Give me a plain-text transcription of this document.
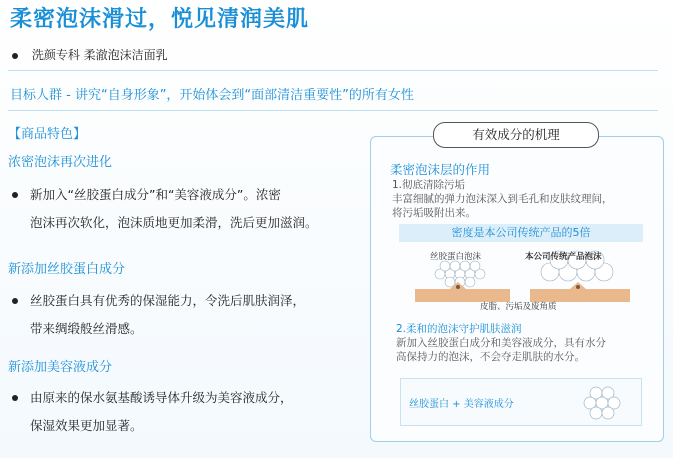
柔密泡沫滑过，悦见清润美肌
洗颜专科 柔澈泡沫洁面乳
目标人群 - 讲究“自身形象”，开始体会到“面部清洁重要性”的所有女性
【商品特色】
浓密泡沫再次进化
新加入“丝胶蛋白成分”和“美容液成分”。浓密
泡沫再次软化，泡沫质地更加柔滑，洗后更加滋润。
新添加丝胶蛋白成分
丝胶蛋白具有优秀的保湿能力，令洗后肌肤润泽，
带来绸缎般丝滑感。
新添加美容液成分
由原来的保水氨基酸诱导体升级为美容液成分，
保湿效果更加显著。
有效成分的机理
柔密泡沫层的作用
1.彻底清除污垢
丰富细腻的弹力泡沫深入到毛孔和皮肤纹理间，
将污垢吸附出来。
密度是本公司传统产品的5倍
丝胶蛋白泡沫	本公司传统产品泡沫
皮脂、污垢及废角质
2.柔和的泡沫守护肌肤滋润
新加入丝胶蛋白成分和美容液成分，具有水分
高保持力的泡沫，不会夺走肌肤的水分。
丝胶蛋白 + 美容液成分
